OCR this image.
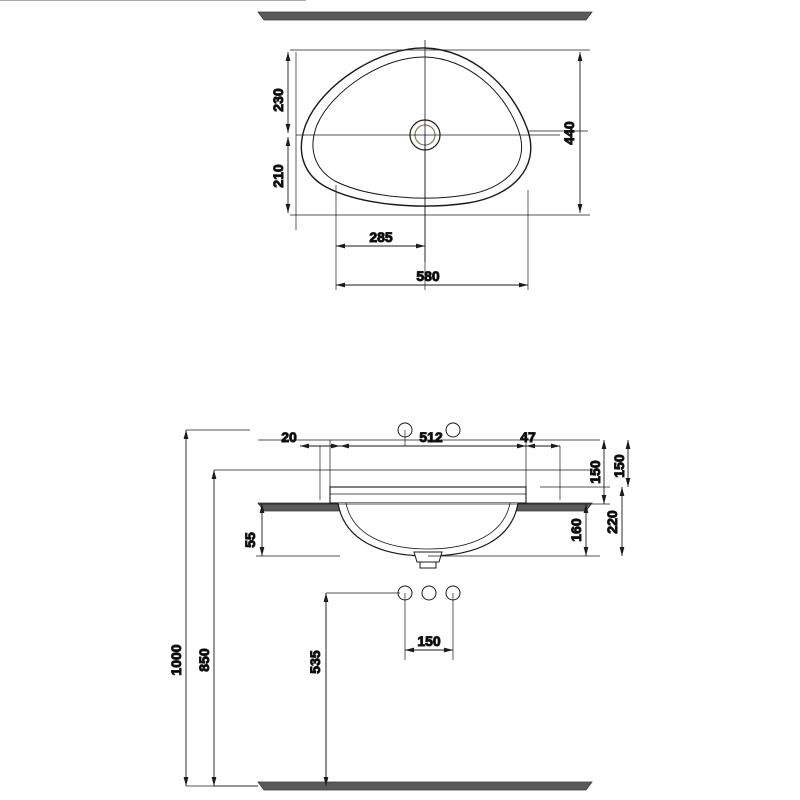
230
210
440
285
580
20	512	47
150 150
160 220
55
150
535
850
1000
